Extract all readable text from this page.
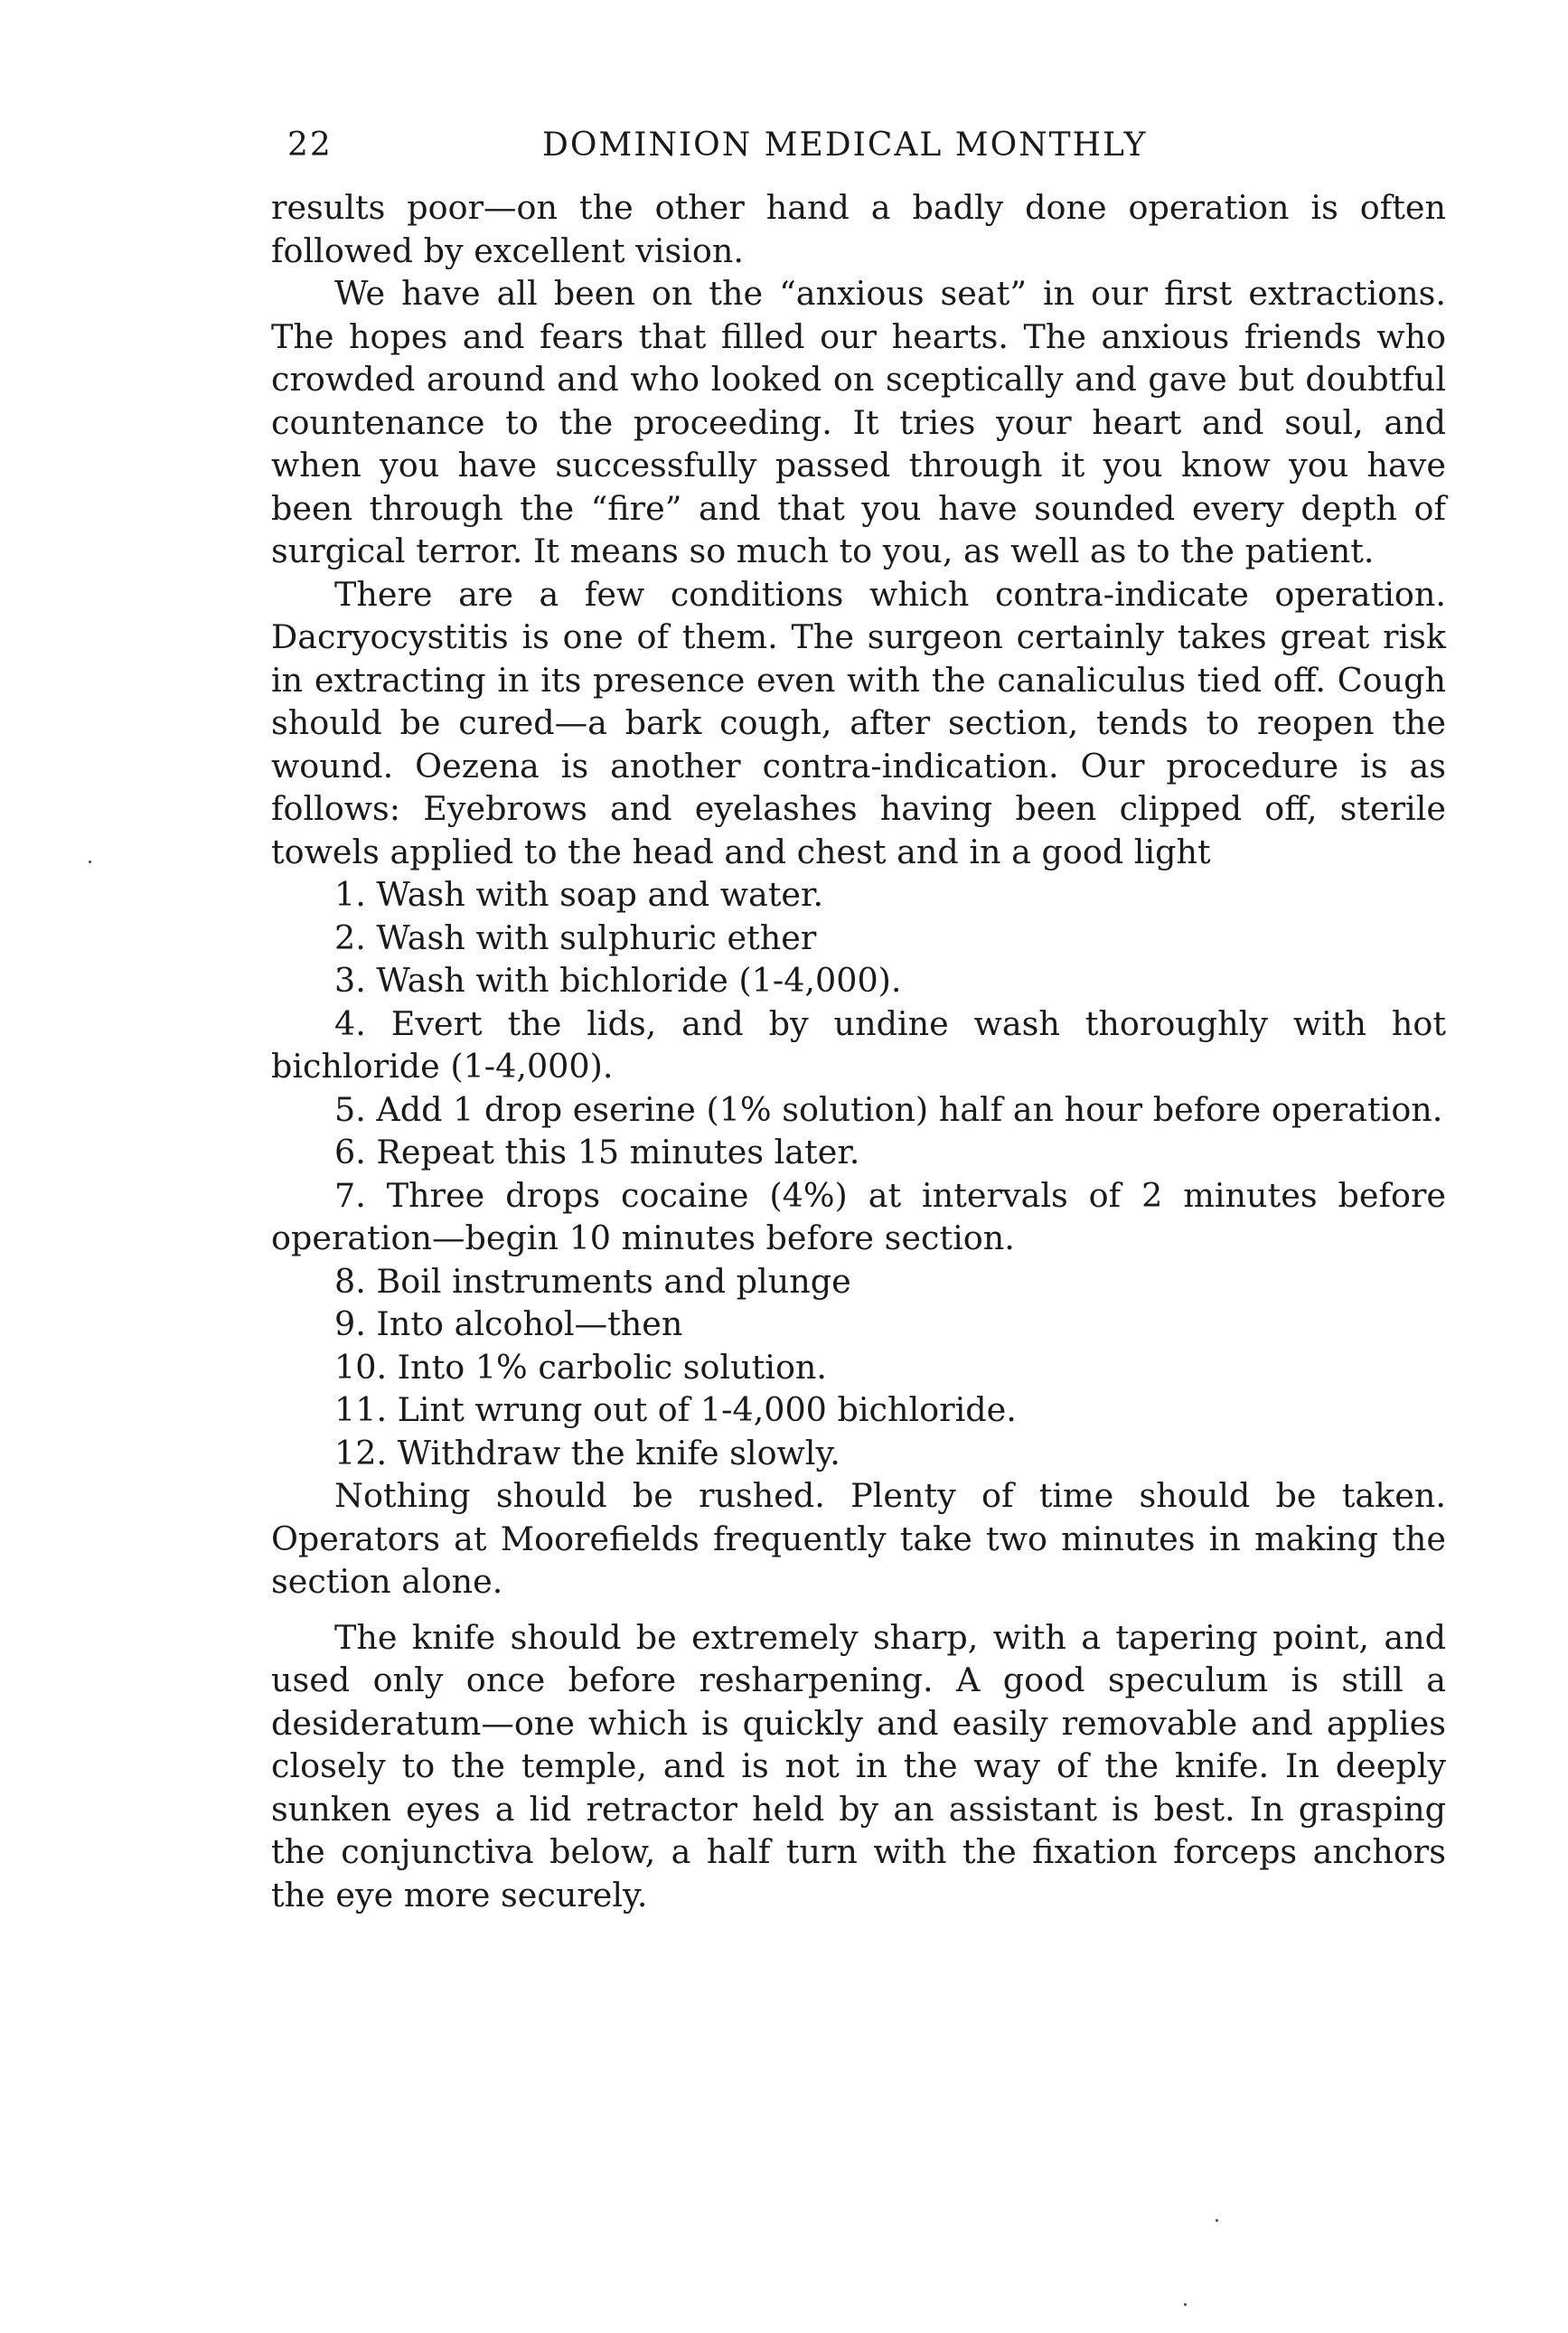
22	DOMINION MEDICAL MONTHLY

results poor—on the other hand a badly done operation is often followed by excellent vision.

We have all been on the “anxious seat” in our first extractions. The hopes and fears that filled our hearts. The anxious friends who crowded around and who looked on sceptically and gave but doubtful countenance to the proceeding. It tries your heart and soul, and when you have successfully passed through it you know you have been through the “fire” and that you have sounded every depth of surgical terror. It means so much to you, as well as to the patient.

There are a few conditions which contra-indicate operation. Dacryocystitis is one of them. The surgeon certainly takes great risk in extracting in its presence even with the canaliculus tied off. Cough should be cured—a bark cough, after section, tends to reopen the wound. Oezena is another contra-indication. Our procedure is as follows: Eyebrows and eyelashes having been clipped off, sterile towels applied to the head and chest and in a good light

1. Wash with soap and water.
2. Wash with sulphuric ether
3. Wash with bichloride (1-4,000).
4. Evert the lids, and by undine wash thoroughly with hot bichloride (1-4,000).
5. Add 1 drop eserine (1% solution) half an hour before operation.
6. Repeat this 15 minutes later.
7. Three drops cocaine (4%) at intervals of 2 minutes before operation—begin 10 minutes before section.
8. Boil instruments and plunge
9. Into alcohol—then
10. Into 1% carbolic solution.
11. Lint wrung out of 1-4,000 bichloride.
12. Withdraw the knife slowly.

Nothing should be rushed. Plenty of time should be taken. Operators at Moorefields frequently take two minutes in making the section alone.

The knife should be extremely sharp, with a tapering point, and used only once before resharpening. A good speculum is still a desideratum—one which is quickly and easily removable and applies closely to the temple, and is not in the way of the knife. In deeply sunken eyes a lid retractor held by an assistant is best. In grasping the conjunctiva below, a half turn with the fixation forceps anchors the eye more securely.
